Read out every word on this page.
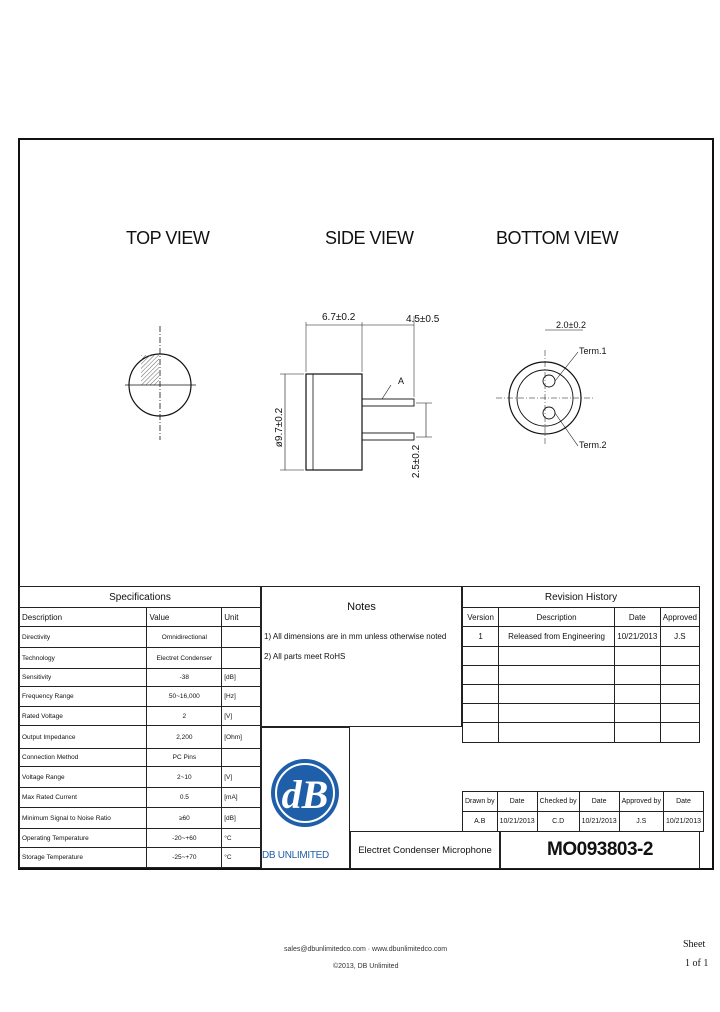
TOP VIEW	SIDE VIEW	BOTTOM VIEW
6.7±0.2	4.5±0.5
ø9.7±0.2
2.5±0.2
A
2.0±0.2
Term.1
Term.2
Specifications		
Description	Value	Unit
Directivity	Omnidirectional	
Technology	Electret Condenser	
Sensitivity	-38	[dB]
Frequency Range	50~16,000	[Hz]
Rated Voltage	2	[V]
Output Impedance	2,200	[Ohm]
Connection Method	PC Pins	
Voltage Range	2~10	[V]
Max Rated Current	0.5	[mA]
Minimum Signal to Noise Ratio	≥60	[dB]
Operating Temperature	-20~+60	°C
Storage Temperature	-25~+70	°C
Notes
1) All dimensions are in mm unless otherwise noted
2) All parts meet RoHS
dB
DB UNLIMITED	Electret Condenser Microphone
Revision History			
Version	Description	Date	Approved
1	Released from Engineering	10/21/2013	J.S

Drawn by	Date	Checked by	Date	Approved by	Date
A.B	10/21/2013	C.D	10/21/2013	J.S	10/21/2013
MO093803-2
sales@dbunlimitedco.com · www.dbunlimitedco.com
©2013, DB Unlimited
Sheet
1 of 1
